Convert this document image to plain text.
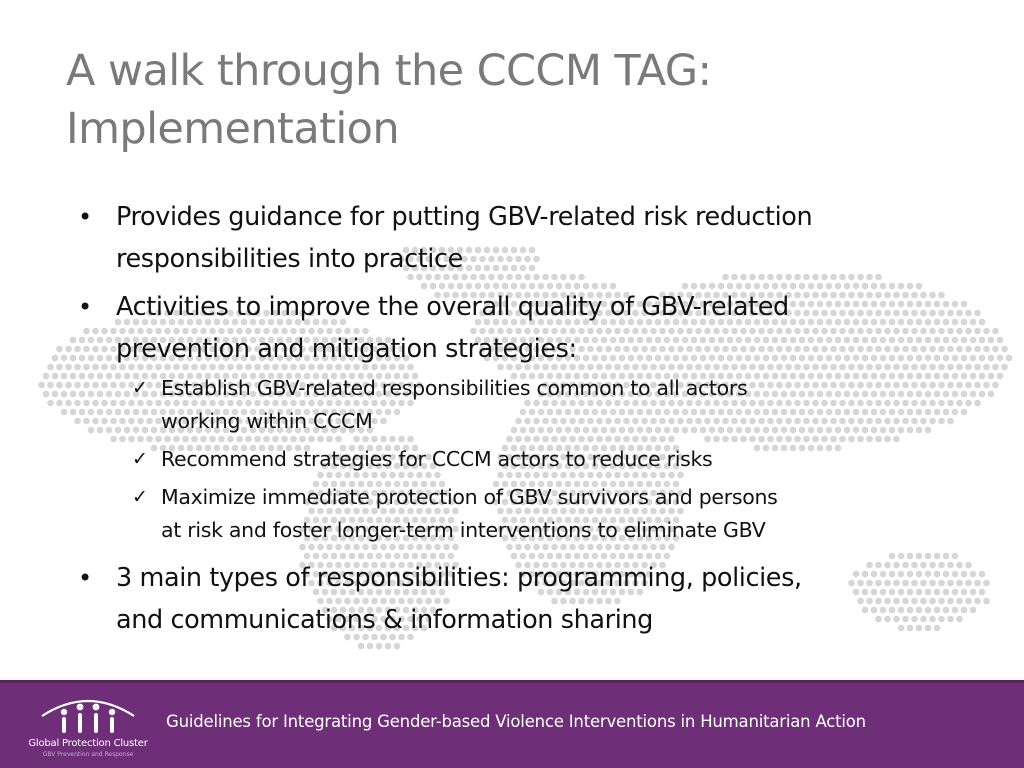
A walk through the CCCM TAG:
Implementation
• Provides guidance for putting GBV-related risk reduction
responsibilities into practice
• Activities to improve the overall quality of GBV-related
prevention and mitigation strategies:
✓ Establish GBV-related responsibilities common to all actors
working within CCCM
✓ Recommend strategies for CCCM actors to reduce risks
✓ Maximize immediate protection of GBV survivors and persons
at risk and foster longer-term interventions to eliminate GBV
• 3 main types of responsibilities: programming, policies,
and communications & information sharing
Global Protection Cluster
GBV Prevention and Response
Guidelines for Integrating Gender-based Violence Interventions in Humanitarian Action
